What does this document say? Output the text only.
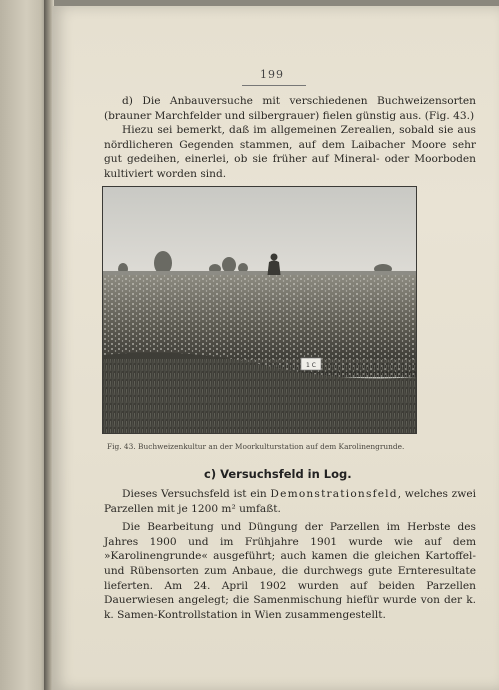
199

d) Die Anbauversuche mit verschiedenen Buchweizensorten (brauner Marchfelder und silbergrauer) fielen günstig aus. (Fig. 43.)

Hiezu sei bemerkt, daß im allgemeinen Zerealien, sobald sie aus nördlicheren Gegenden stammen, auf dem Laibacher Moore sehr gut gedeihen, einerlei, ob sie früher auf Mineral- oder Moorboden kultiviert worden sind.

1 C
Fig. 43. Buchweizenkultur an der Moorkulturstation auf dem Karolinengrunde.
c) Versuchsfeld in Log.

Dieses Versuchsfeld ist ein Demonstrationsfeld, welches zwei Parzellen mit je 1200 m² umfaßt.

Die Bearbeitung und Düngung der Parzellen im Herbste des Jahres 1900 und im Frühjahre 1901 wurde wie auf dem »Karolinengrunde« ausgeführt; auch kamen die gleichen Kartoffel- und Rübensorten zum Anbaue, die durchwegs gute Ernteresultate lieferten. Am 24. April 1902 wurden auf beiden Parzellen Dauerwiesen angelegt; die Samenmischung hiefür wurde von der k. k. Samen-Kontrollstation in Wien zusammengestellt.
